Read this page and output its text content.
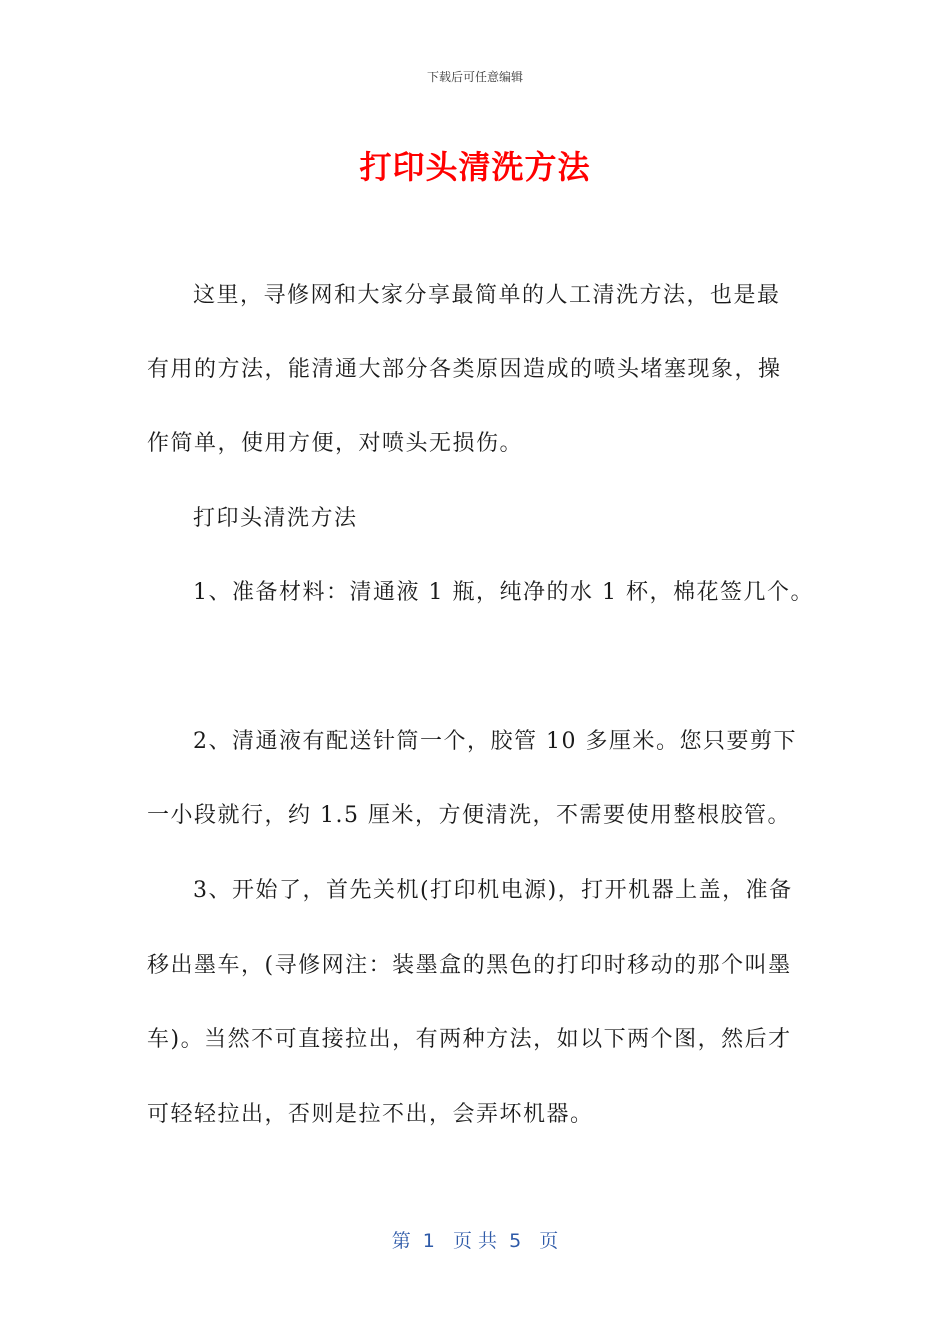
下载后可任意编辑
打印头清洗方法
这里，寻修网和大家分享最简单的人工清洗方法，也是最
有用的方法，能清通大部分各类原因造成的喷头堵塞现象，操
作简单，使用方便，对喷头无损伤。
打印头清洗方法
1、准备材料：清通液 1 瓶，纯净的水 1 杯，棉花签几个。
2、清通液有配送针筒一个，胶管 10 多厘米。您只要剪下
一小段就行，约 1.5 厘米，方便清洗，不需要使用整根胶管。
3、开始了，首先关机(打印机电源)，打开机器上盖，准备
移出墨车，(寻修网注：装墨盒的黑色的打印时移动的那个叫墨
车)。当然不可直接拉出，有两种方法，如以下两个图，然后才
可轻轻拉出，否则是拉不出，会弄坏机器。
第  1   页 共  5   页
